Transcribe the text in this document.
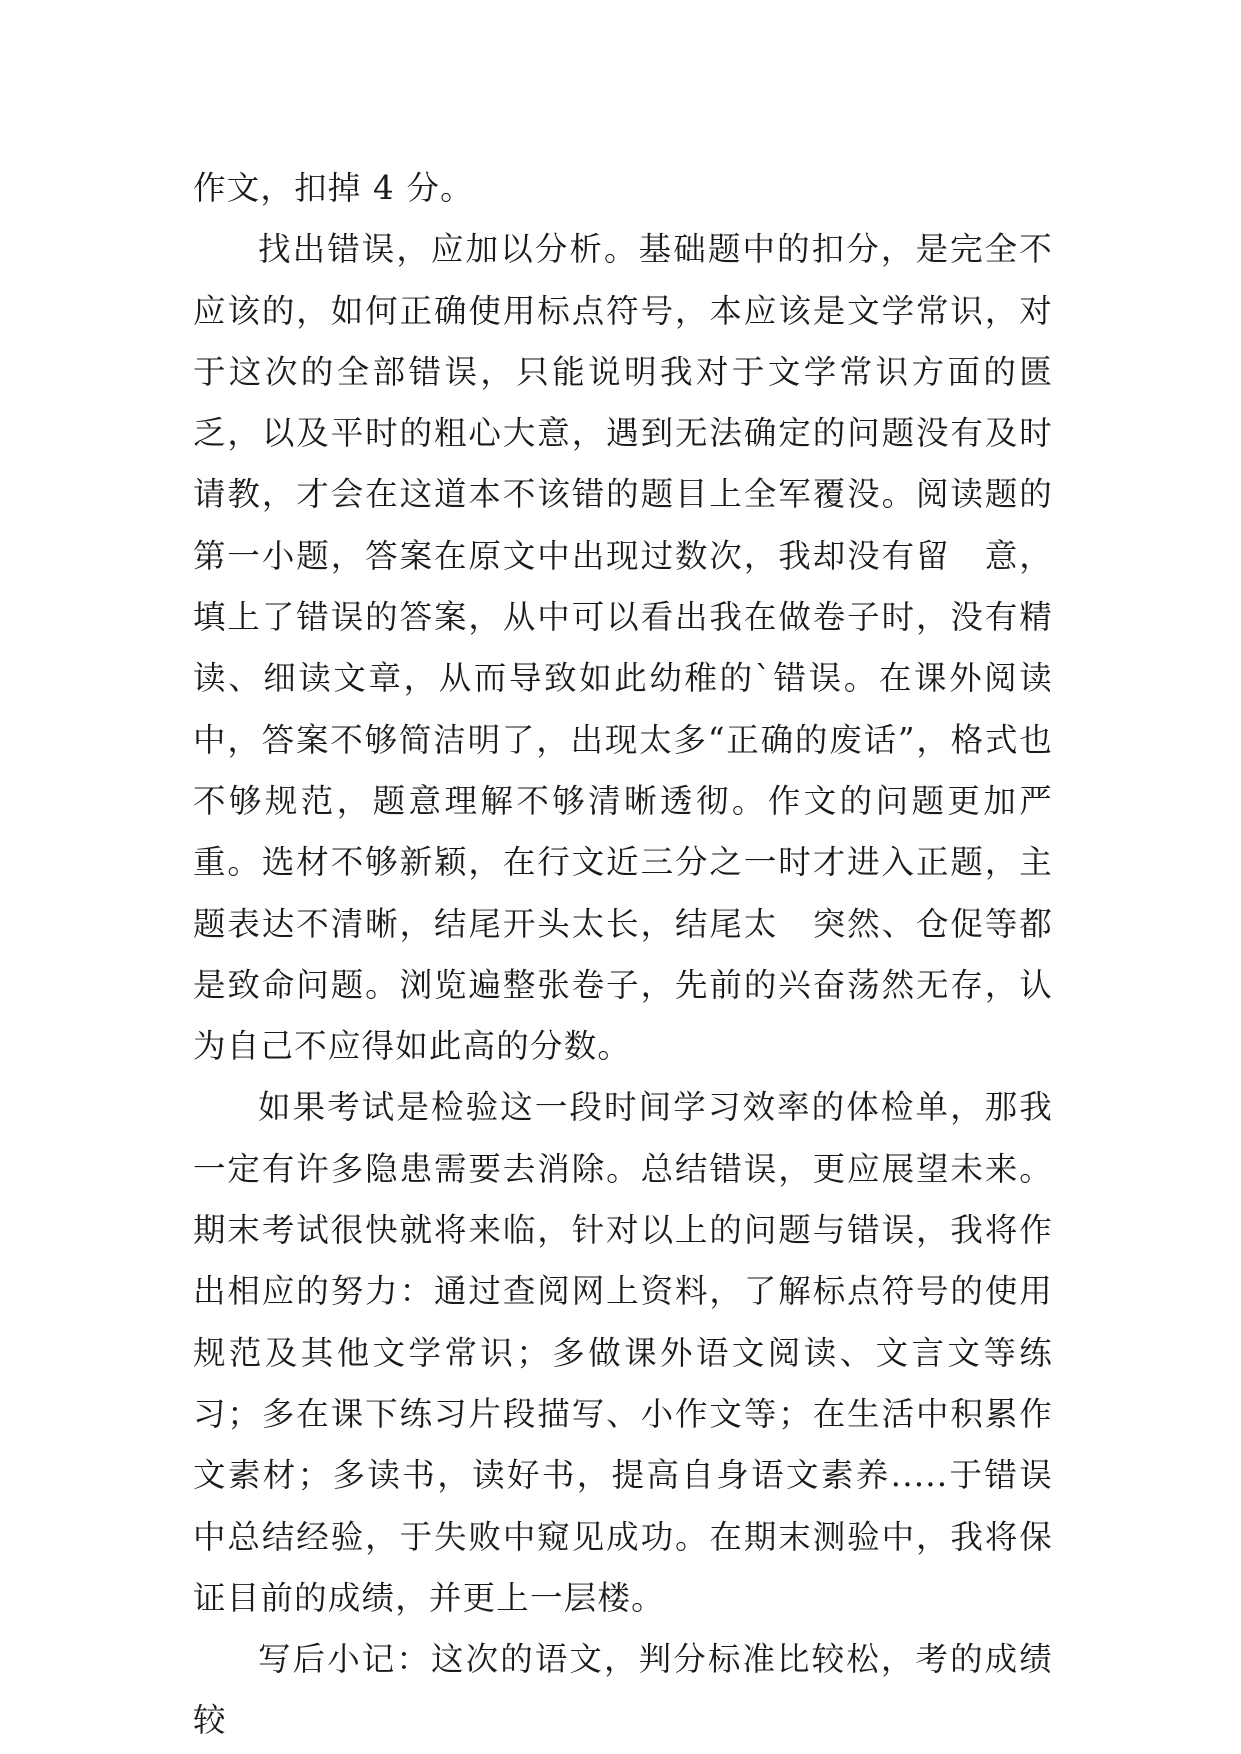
作文，扣掉 4 分。

找出错误，应加以分析。基础题中的扣分，是完全不应该的，如何正确使用标点符号，本应该是文学常识，对于这次的全部错误，只能说明我对于文学常识方面的匮乏，以及平时的粗心大意，遇到无法确定的问题没有及时请教，才会在这道本不该错的题目上全军覆没。阅读题的第一小题，答案在原文中出现过数次，我却没有留　意，填上了错误的答案，从中可以看出我在做卷子时，没有精读、细读文章，从而导致如此幼稚的`错误。在课外阅读中，答案不够简洁明了，出现太多“正确的废话”，格式也不够规范，题意理解不够清晰透彻。作文的问题更加严重。选材不够新颖，在行文近三分之一时才进入正题，主题表达不清晰，结尾开头太长，结尾太　突然、仓促等都是致命问题。浏览遍整张卷子，先前的兴奋荡然无存，认为自己不应得如此高的分数。

如果考试是检验这一段时间学习效率的体检单，那我一定有许多隐患需要去消除。总结错误，更应展望未来。期末考试很快就将来临，针对以上的问题与错误，我将作　出相应的努力：通过查阅网上资料，了解标点符号的使用规范及其他文学常识；多做课外语文阅读、文言文等练习；多在课下练习片段描写、小作文等；在生活中积累作文素材；多读书，读好书，提高自身语文素养.....于错误中总结经验，于失败中窥见成功。在期末测验中，我将保证目前的成绩，并更上一层楼。

写后小记：这次的语文，判分标准比较松，考的成绩较
